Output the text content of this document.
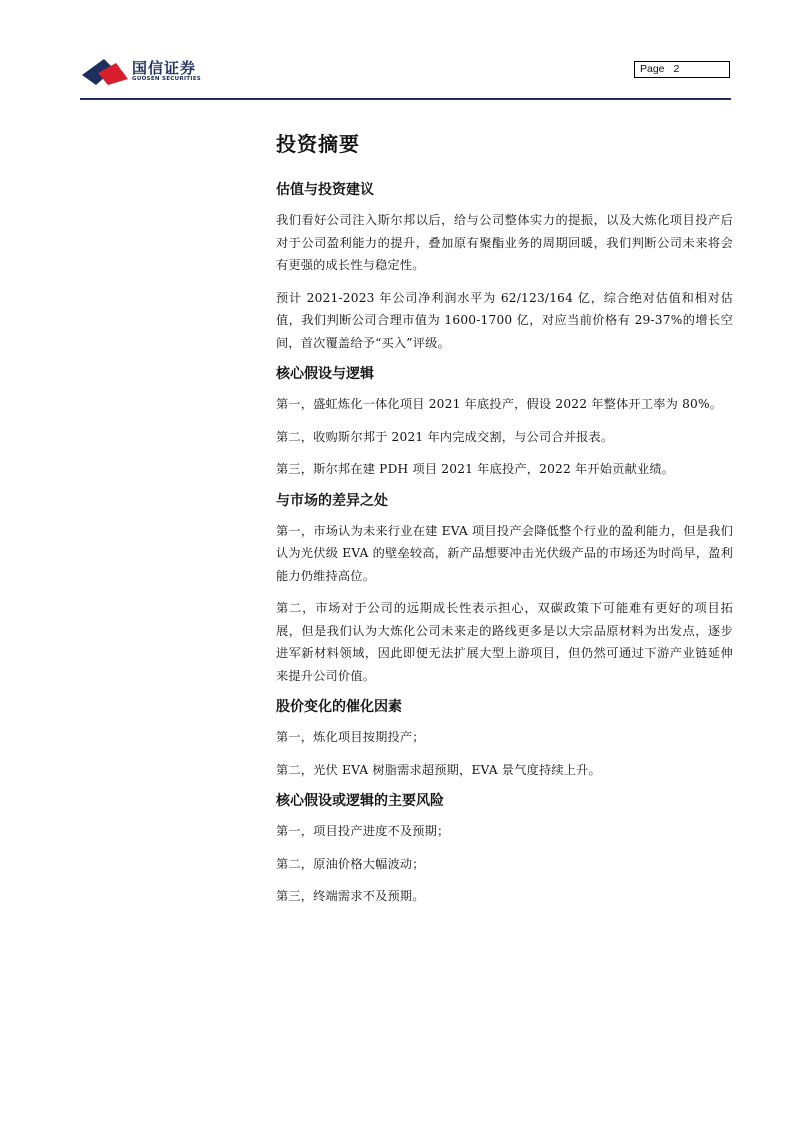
国信证券
GUOSEN SECURITIES
Page 2
投资摘要
估值与投资建议

我们看好公司注入斯尔邦以后，给与公司整体实力的提振，以及大炼化项目投产后对于公司盈利能力的提升，叠加原有聚酯业务的周期回暖，我们判断公司未来将会有更强的成长性与稳定性。

预计 2021-2023 年公司净利润水平为 62/123/164 亿，综合绝对估值和相对估值，我们判断公司合理市值为 1600-1700 亿，对应当前价格有 29-37%的增长空间，首次覆盖给予“买入”评级。

核心假设与逻辑

第一，盛虹炼化一体化项目 2021 年底投产，假设 2022 年整体开工率为 80%。

第二，收购斯尔邦于 2021 年内完成交割，与公司合并报表。

第三，斯尔邦在建 PDH 项目 2021 年底投产，2022 年开始贡献业绩。

与市场的差异之处

第一，市场认为未来行业在建 EVA 项目投产会降低整个行业的盈利能力，但是我们认为光伏级 EVA 的壁垒较高，新产品想要冲击光伏级产品的市场还为时尚早，盈利能力仍维持高位。

第二，市场对于公司的远期成长性表示担心，双碳政策下可能难有更好的项目拓展，但是我们认为大炼化公司未来走的路线更多是以大宗品原材料为出发点，逐步进军新材料领域，因此即便无法扩展大型上游项目，但仍然可通过下游产业链延伸来提升公司价值。

股价变化的催化因素

第一，炼化项目按期投产；

第二，光伏 EVA 树脂需求超预期，EVA 景气度持续上升。

核心假设或逻辑的主要风险

第一，项目投产进度不及预期；

第二，原油价格大幅波动；

第三，终端需求不及预期。
